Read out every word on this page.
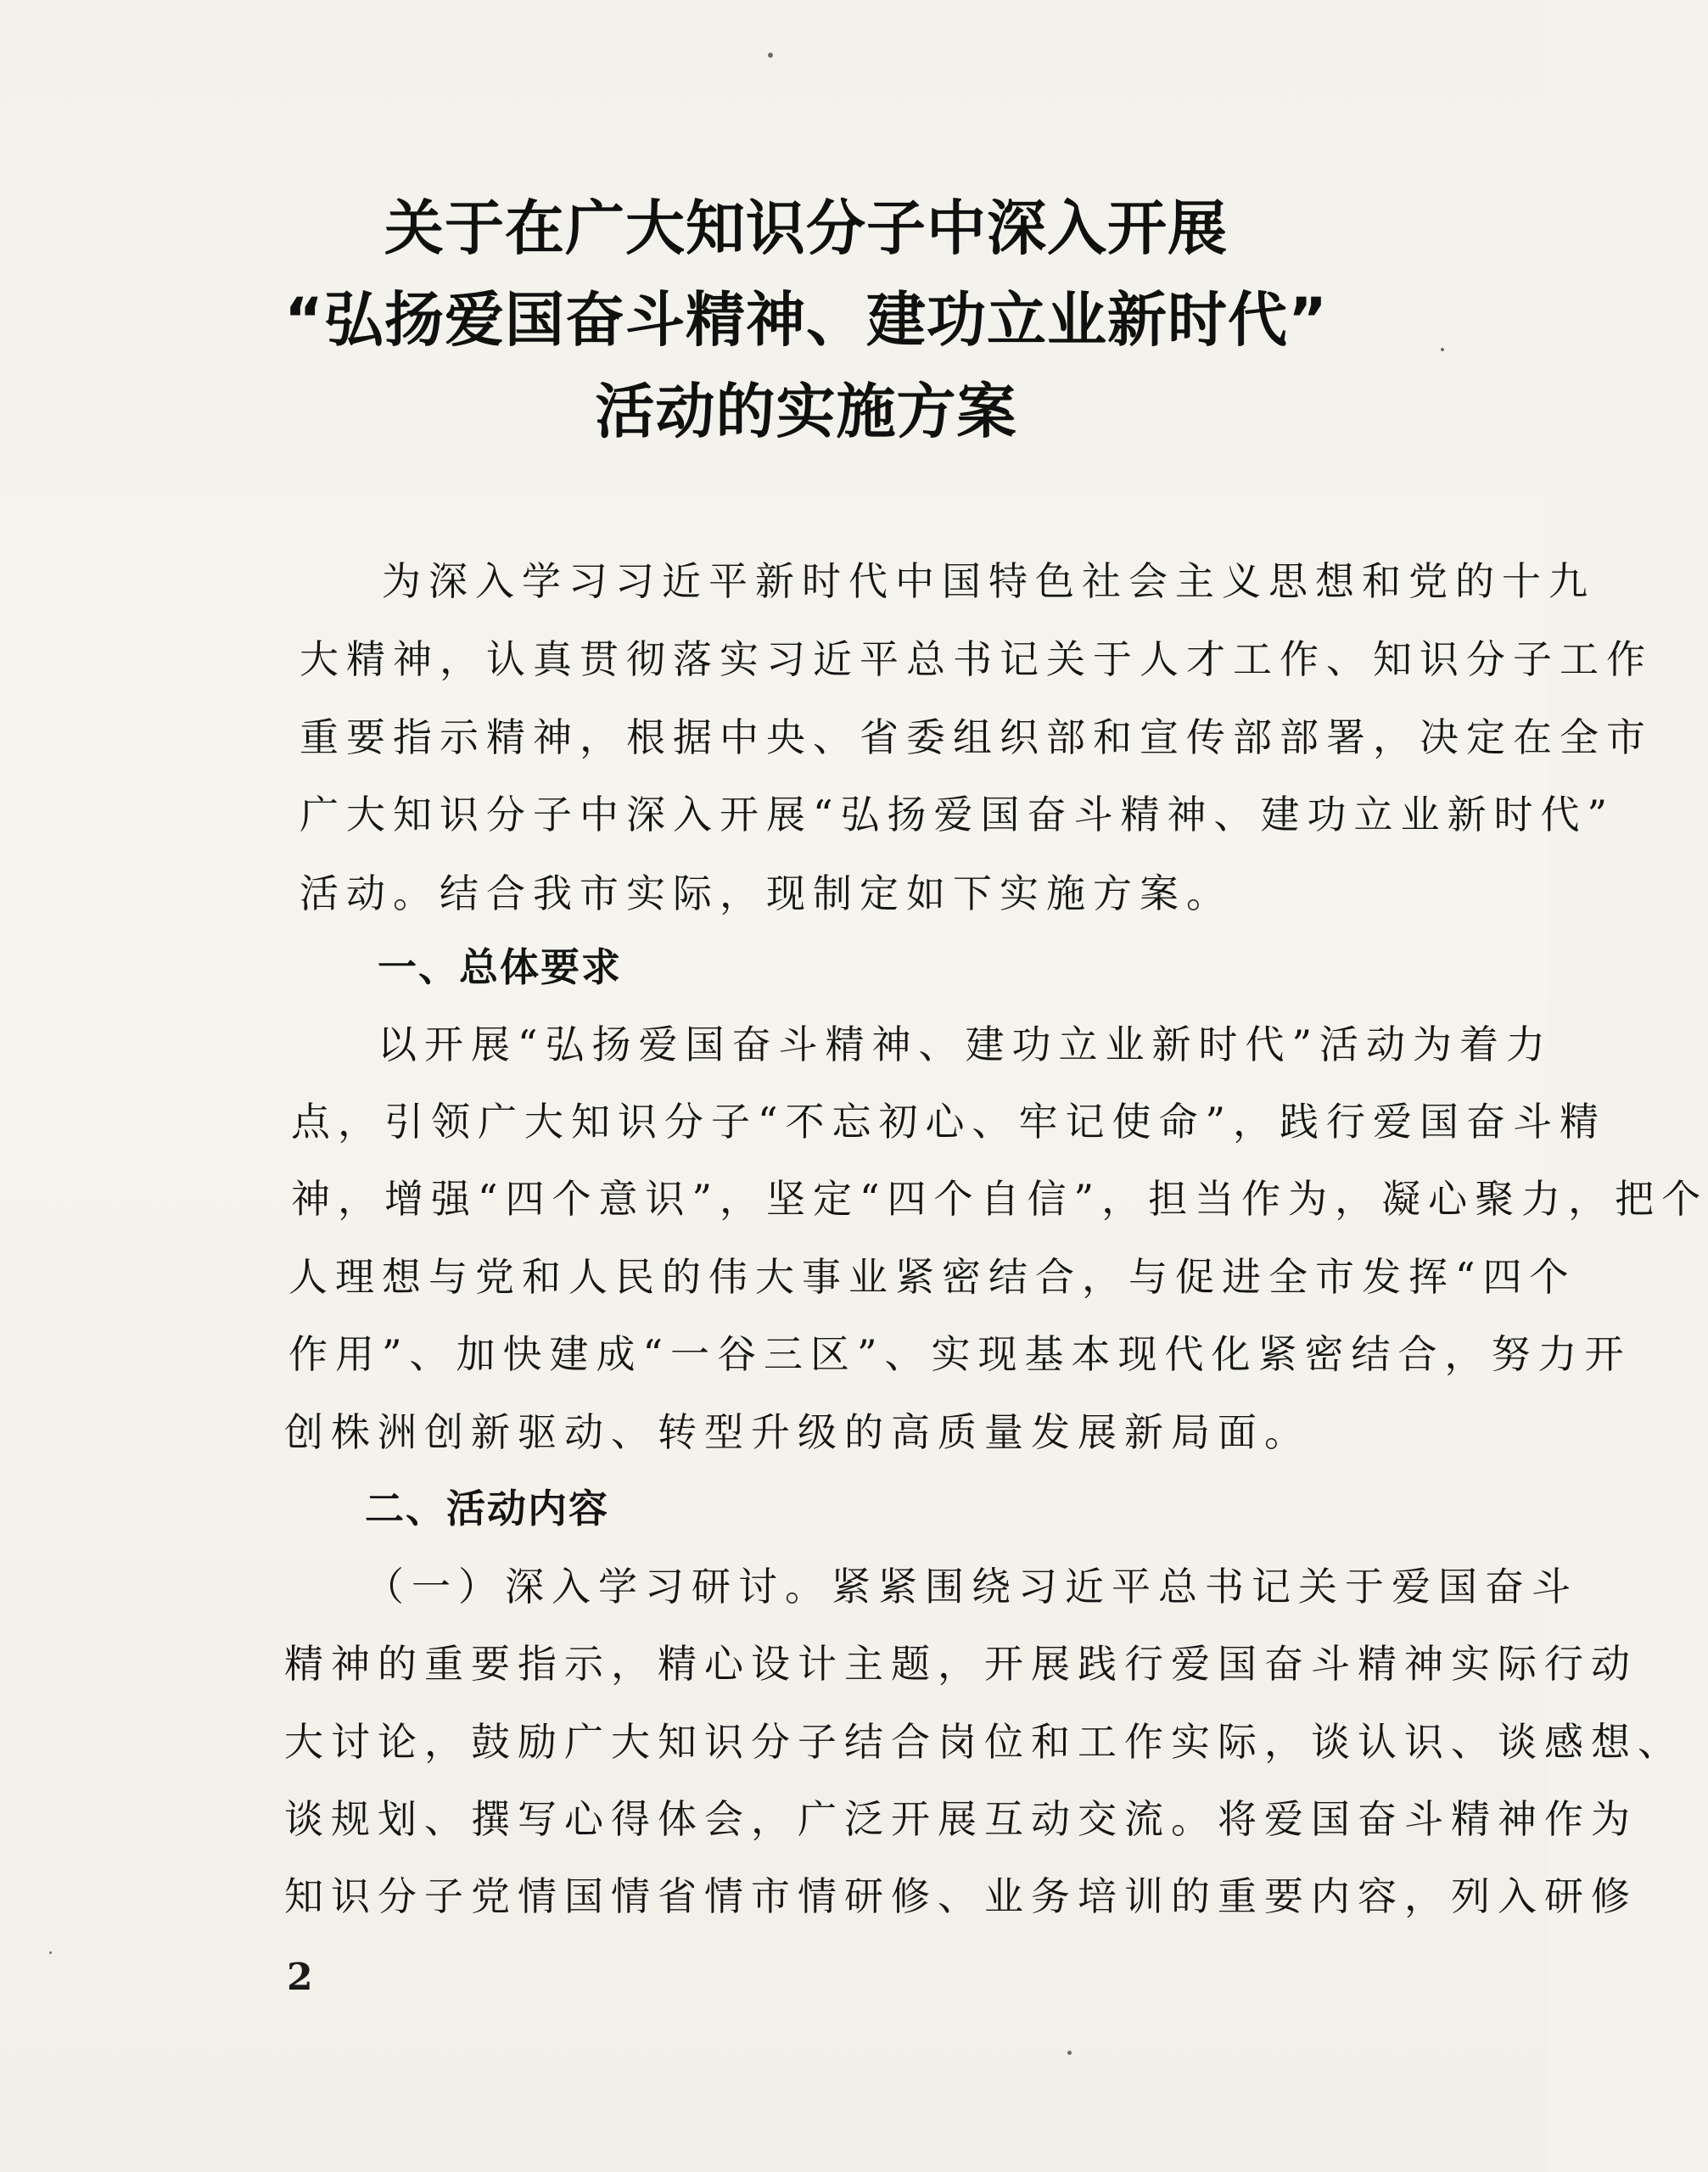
关于在广大知识分子中深入开展
“弘扬爱国奋斗精神、建功立业新时代”
活动的实施方案
为深入学习习近平新时代中国特色社会主义思想和党的十九
大精神，认真贯彻落实习近平总书记关于人才工作、知识分子工作
重要指示精神，根据中央、省委组织部和宣传部部署，决定在全市
广大知识分子中深入开展“弘扬爱国奋斗精神、建功立业新时代”
活动。结合我市实际，现制定如下实施方案。
一、总体要求
以开展“弘扬爱国奋斗精神、建功立业新时代”活动为着力
点，引领广大知识分子“不忘初心、牢记使命”，践行爱国奋斗精
神，增强“四个意识”，坚定“四个自信”，担当作为，凝心聚力，把个
人理想与党和人民的伟大事业紧密结合，与促进全市发挥“四个
作用”、加快建成“一谷三区”、实现基本现代化紧密结合，努力开
创株洲创新驱动、转型升级的高质量发展新局面。
二、活动内容
（一）深入学习研讨。紧紧围绕习近平总书记关于爱国奋斗
精神的重要指示，精心设计主题，开展践行爱国奋斗精神实际行动
大讨论，鼓励广大知识分子结合岗位和工作实际，谈认识、谈感想、
谈规划、撰写心得体会，广泛开展互动交流。将爱国奋斗精神作为
知识分子党情国情省情市情研修、业务培训的重要内容，列入研修
2
